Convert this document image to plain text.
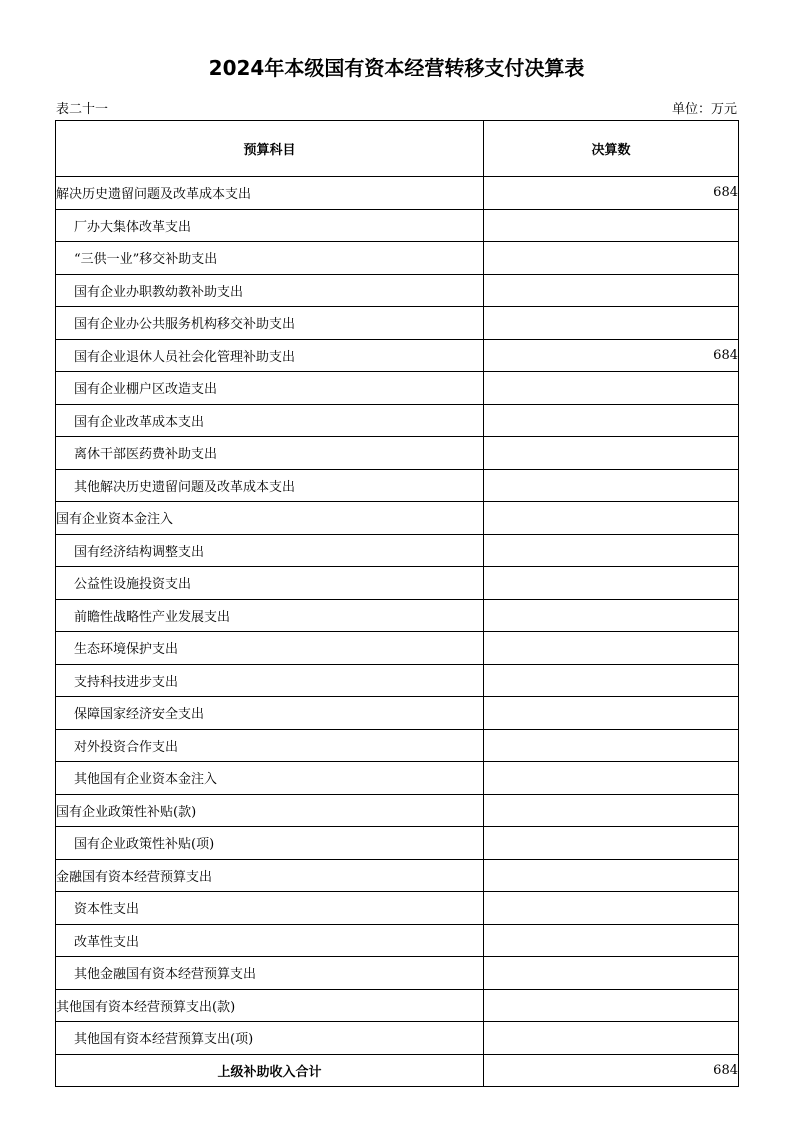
2024年本级国有资本经营转移支付决算表
表二十一	单位：万元
预算科目	决算数
解决历史遗留问题及改革成本支出	684
厂办大集体改革支出	
“三供一业”移交补助支出	
国有企业办职教幼教补助支出	
国有企业办公共服务机构移交补助支出	
国有企业退休人员社会化管理补助支出	684
国有企业棚户区改造支出	
国有企业改革成本支出	
离休干部医药费补助支出	
其他解决历史遗留问题及改革成本支出	
国有企业资本金注入	
国有经济结构调整支出	
公益性设施投资支出	
前瞻性战略性产业发展支出	
生态环境保护支出	
支持科技进步支出	
保障国家经济安全支出	
对外投资合作支出	
其他国有企业资本金注入	
国有企业政策性补贴(款)	
国有企业政策性补贴(项)	
金融国有资本经营预算支出	
资本性支出	
改革性支出	
其他金融国有资本经营预算支出	
其他国有资本经营预算支出(款)	
其他国有资本经营预算支出(项)	
上级补助收入合计	684
